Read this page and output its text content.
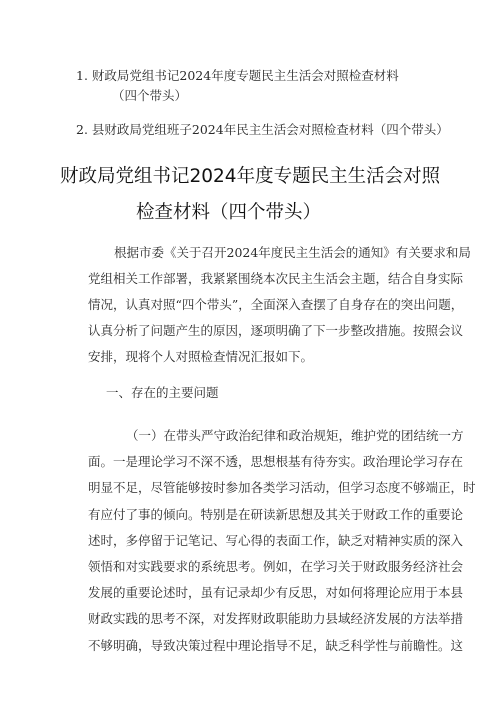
1. 财政局党组书记2024年度专题民主生活会对照检查材料
（四个带头）
2. 县财政局党组班子2024年民主生活会对照检查材料（四个带头）
财政局党组书记2024年度专题民主生活会对照
检查材料（四个带头）
根据市委《关于召开2024年度民主生活会的通知》有关要求和局
党组相关工作部署，我紧紧围绕本次民主生活会主题，结合自身实际
情况，认真对照“四个带头”，全面深入查摆了自身存在的突出问题，
认真分析了问题产生的原因，逐项明确了下一步整改措施。按照会议
安排，现将个人对照检查情况汇报如下。
一、存在的主要问题
（一）在带头严守政治纪律和政治规矩，维护党的团结统一方
面。一是理论学习不深不透，思想根基有待夯实。政治理论学习存在
明显不足，尽管能够按时参加各类学习活动，但学习态度不够端正，时
有应付了事的倾向。特别是在研读新思想及其关于财政工作的重要论
述时，多停留于记笔记、写心得的表面工作，缺乏对精神实质的深入
领悟和对实践要求的系统思考。例如，在学习关于财政服务经济社会
发展的重要论述时，虽有记录却少有反思，对如何将理论应用于本县
财政实践的思考不深，对发挥财政职能助力县域经济发展的方法举措
不够明确，导致决策过程中理论指导不足，缺乏科学性与前瞻性。这
